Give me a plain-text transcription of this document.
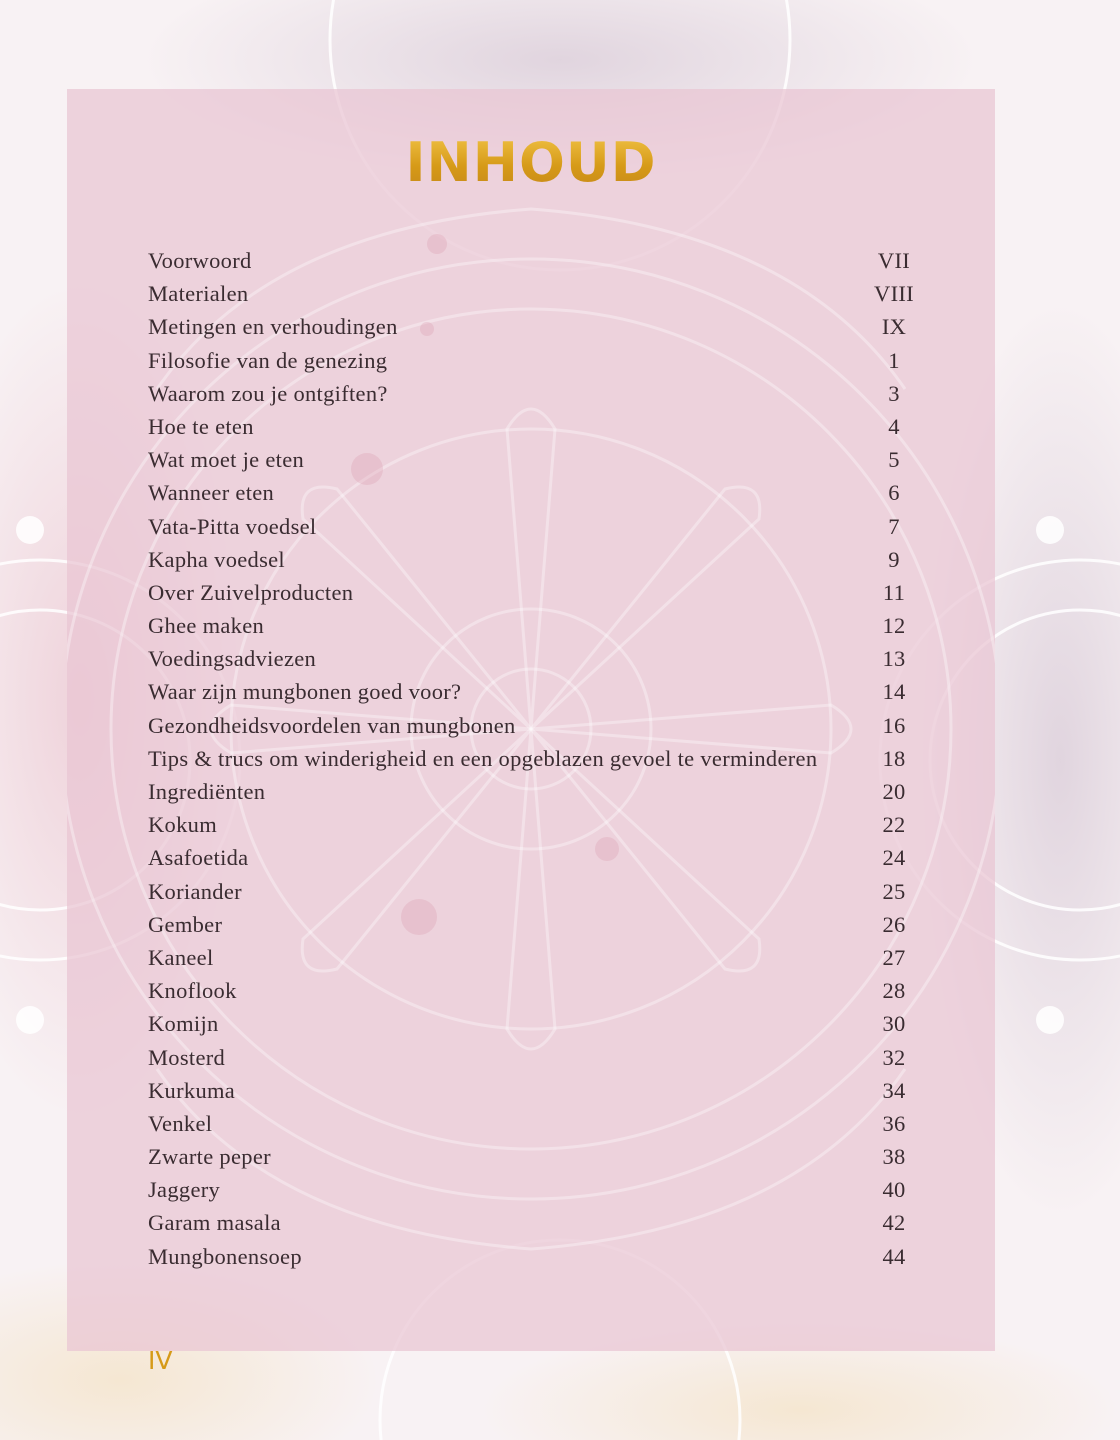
INHOUD
Voorwoord	VII
Materialen	VIII
Metingen en verhoudingen	IX
Filosofie van de genezing	1
Waarom zou je ontgiften?	3
Hoe te eten	4
Wat moet je eten	5
Wanneer eten	6
Vata-Pitta voedsel	7
Kapha voedsel	9
Over Zuivelproducten	11
Ghee maken	12
Voedingsadviezen	13
Waar zijn mungbonen goed voor?	14
Gezondheidsvoordelen van mungbonen	16
Tips & trucs om winderigheid en een opgeblazen gevoel te verminderen	18
Ingrediënten	20
Kokum	22
Asafoetida	24
Koriander	25
Gember	26
Kaneel	27
Knoflook	28
Komijn	30
Mosterd	32
Kurkuma	34
Venkel	36
Zwarte peper	38
Jaggery	40
Garam masala	42
Mungbonensoep	44
IV
